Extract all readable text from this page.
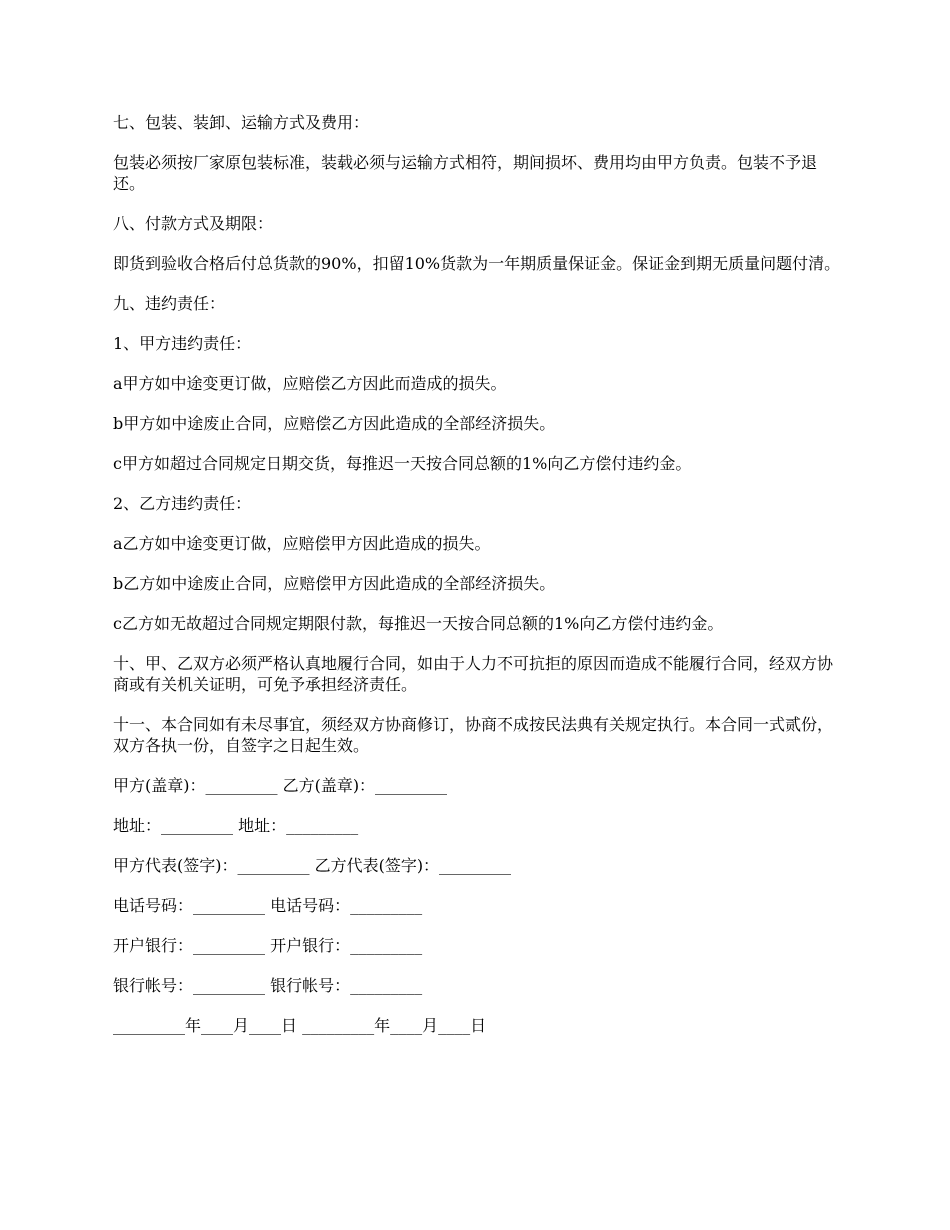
七、包装、装卸、运输方式及费用：

包装必须按厂家原包装标准，装载必须与运输方式相符，期间损坏、费用均由甲方负责。包装不予退还。

八、付款方式及期限：

即货到验收合格后付总货款的90%，扣留10%货款为一年期质量保证金。保证金到期无质量问题付清。

九、违约责任：

1、甲方违约责任：

a甲方如中途变更订做，应赔偿乙方因此而造成的损失。

b甲方如中途废止合同，应赔偿乙方因此造成的全部经济损失。

c甲方如超过合同规定日期交货，每推迟一天按合同总额的1%向乙方偿付违约金。

2、乙方违约责任：

a乙方如中途变更订做，应赔偿甲方因此造成的损失。

b乙方如中途废止合同，应赔偿甲方因此造成的全部经济损失。

c乙方如无故超过合同规定期限付款，每推迟一天按合同总额的1%向乙方偿付违约金。

十、甲、乙双方必须严格认真地履行合同，如由于人力不可抗拒的原因而造成不能履行合同，经双方协商或有关机关证明，可免予承担经济责任。

十一、本合同如有未尽事宜，须经双方协商修订，协商不成按民法典有关规定执行。本合同一式贰份，双方各执一份，自签字之日起生效。

甲方(盖章)：_________ 乙方(盖章)：_________

地址：_________ 地址：_________

甲方代表(签字)：_________ 乙方代表(签字)：_________

电话号码：_________ 电话号码：_________

开户银行：_________ 开户银行：_________

银行帐号：_________ 银行帐号：_________

_________年____月____日 _________年____月____日
